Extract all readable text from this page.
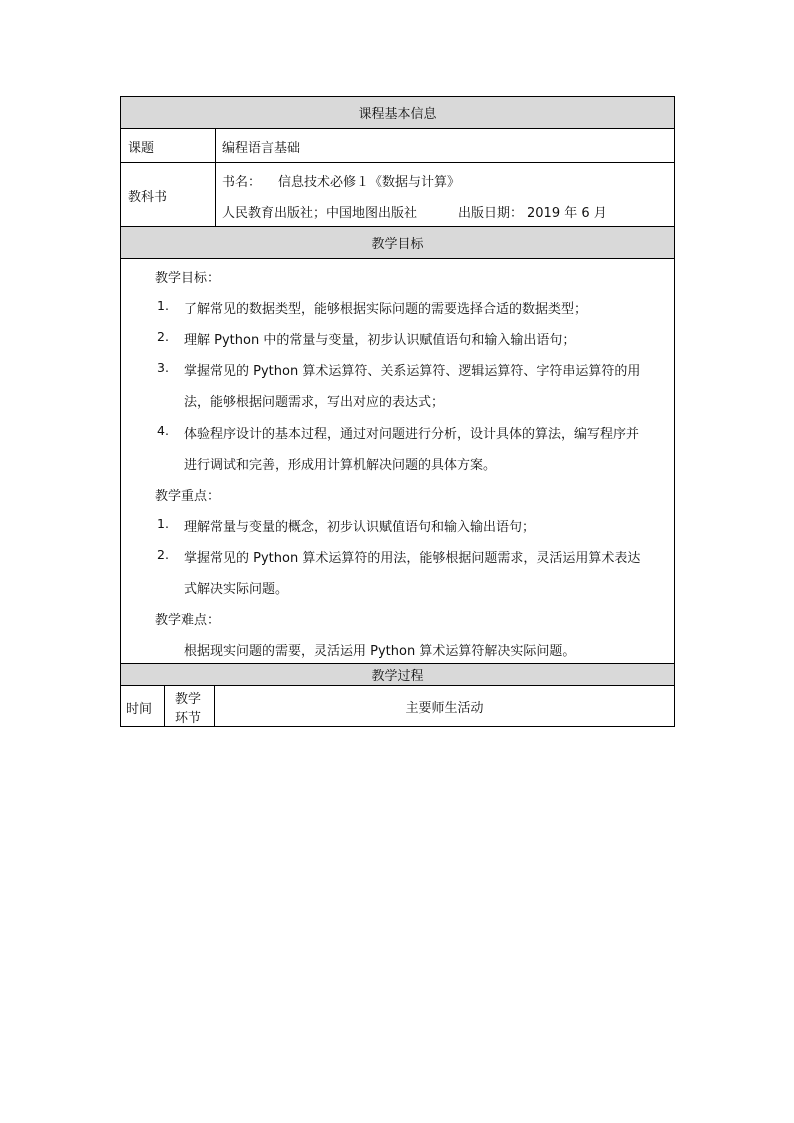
课程基本信息
课题	编程语言基础
教科书
书名： 信息技术必修１《数据与计算》
人民教育出版社；中国地图出版社	出版日期： 2019 年 6 月
教学目标
教学目标：
1. 了解常见的数据类型，能够根据实际问题的需要选择合适的数据类型；
2. 理解 Python 中的常量与变量，初步认识赋值语句和输入输出语句；
3. 掌握常见的 Python 算术运算符、关系运算符、逻辑运算符、字符串运算符的用
法，能够根据问题需求，写出对应的表达式；
4. 体验程序设计的基本过程，通过对问题进行分析，设计具体的算法，编写程序并
进行调试和完善，形成用计算机解决问题的具体方案。
教学重点：
1. 理解常量与变量的概念，初步认识赋值语句和输入输出语句；
2. 掌握常见的 Python 算术运算符的用法，能够根据问题需求，灵活运用算术表达
式解决实际问题。
教学难点：
根据现实问题的需要，灵活运用 Python 算术运算符解决实际问题。
教学过程
时间
教学
环节
主要师生活动
